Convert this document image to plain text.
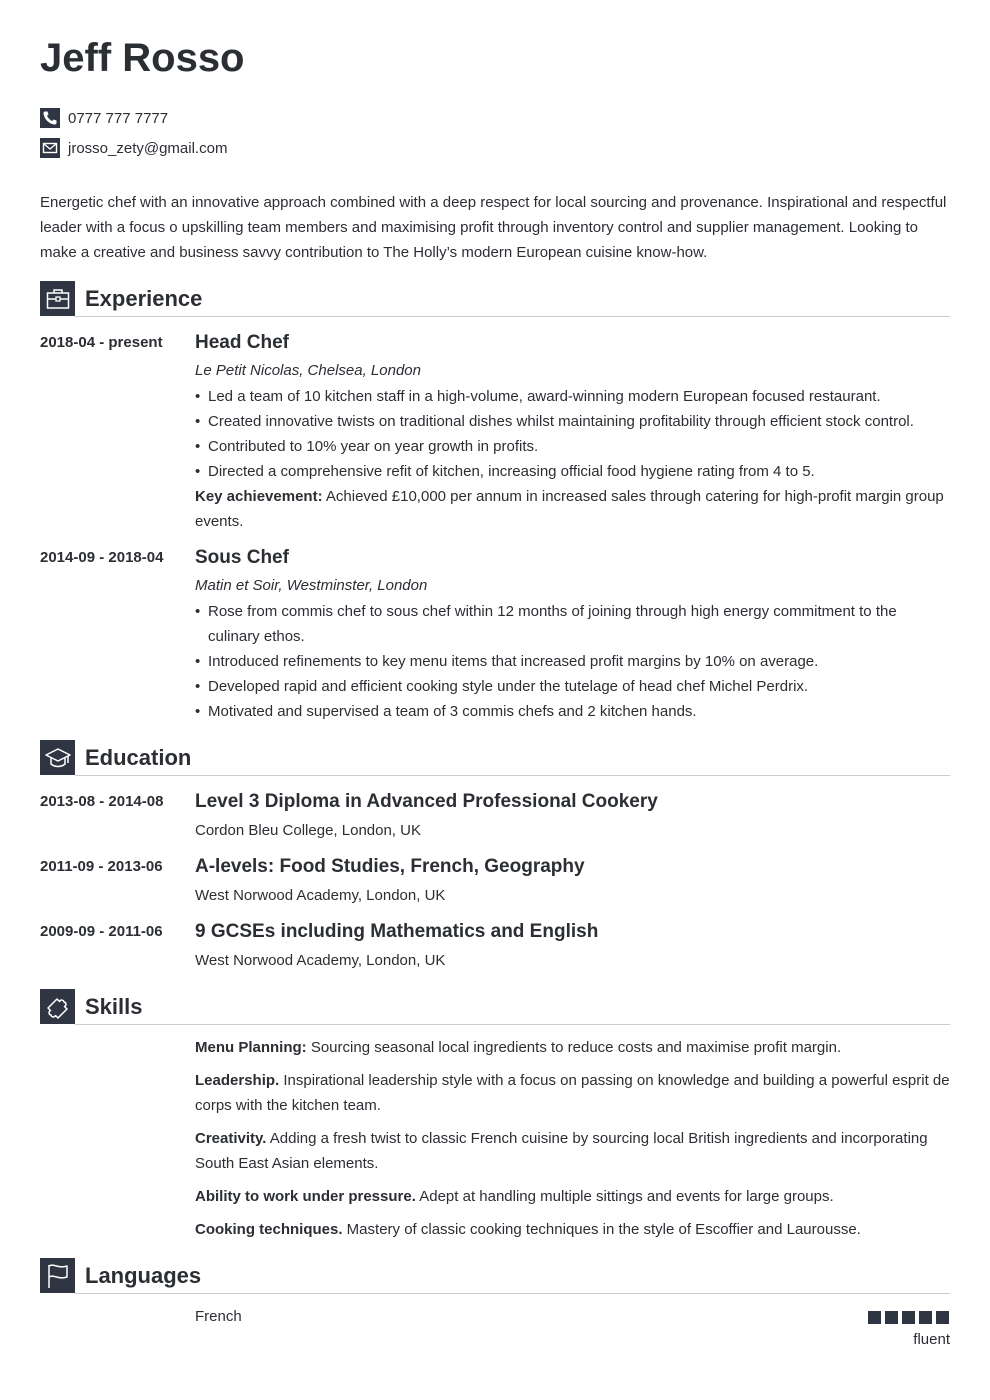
Jeff Rosso
0777 777 7777
jrosso_zety@gmail.com
Energetic chef with an innovative approach combined with a deep respect for local sourcing and provenance. Inspirational and respectful leader with a focus o upskilling team members and maximising profit through inventory control and supplier management. Looking to make a creative and business savvy contribution to The Holly’s modern European cuisine know-how.
Experience
2018-04 - present Head Chef
Le Petit Nicolas, Chelsea, London
• Led a team of 10 kitchen staff in a high-volume, award-winning modern European focused restaurant.
• Created innovative twists on traditional dishes whilst maintaining profitability through efficient stock control.
• Contributed to 10% year on year growth in profits.
• Directed a comprehensive refit of kitchen, increasing official food hygiene rating from 4 to 5.
Key achievement: Achieved £10,000 per annum in increased sales through catering for high-profit margin group events.
2014-09 - 2018-04 Sous Chef
Matin et Soir, Westminster, London
• Rose from commis chef to sous chef within 12 months of joining through high energy commitment to the culinary ethos.
• Introduced refinements to key menu items that increased profit margins by 10% on average.
• Developed rapid and efficient cooking style under the tutelage of head chef Michel Perdrix.
• Motivated and supervised a team of 3 commis chefs and 2 kitchen hands.
Education
2013-08 - 2014-08 Level 3 Diploma in Advanced Professional Cookery
Cordon Bleu College, London, UK
2011-09 - 2013-06 A-levels: Food Studies, French, Geography
West Norwood Academy, London, UK
2009-09 - 2011-06 9 GCSEs including Mathematics and English
West Norwood Academy, London, UK
Skills
Menu Planning: Sourcing seasonal local ingredients to reduce costs and maximise profit margin.
Leadership. Inspirational leadership style with a focus on passing on knowledge and building a powerful esprit de corps with the kitchen team.
Creativity. Adding a fresh twist to classic French cuisine by sourcing local British ingredients and incorporating South East Asian elements.
Ability to work under pressure. Adept at handling multiple sittings and events for large groups.
Cooking techniques. Mastery of classic cooking techniques in the style of Escoffier and Laurousse.
Languages
French
fluent
